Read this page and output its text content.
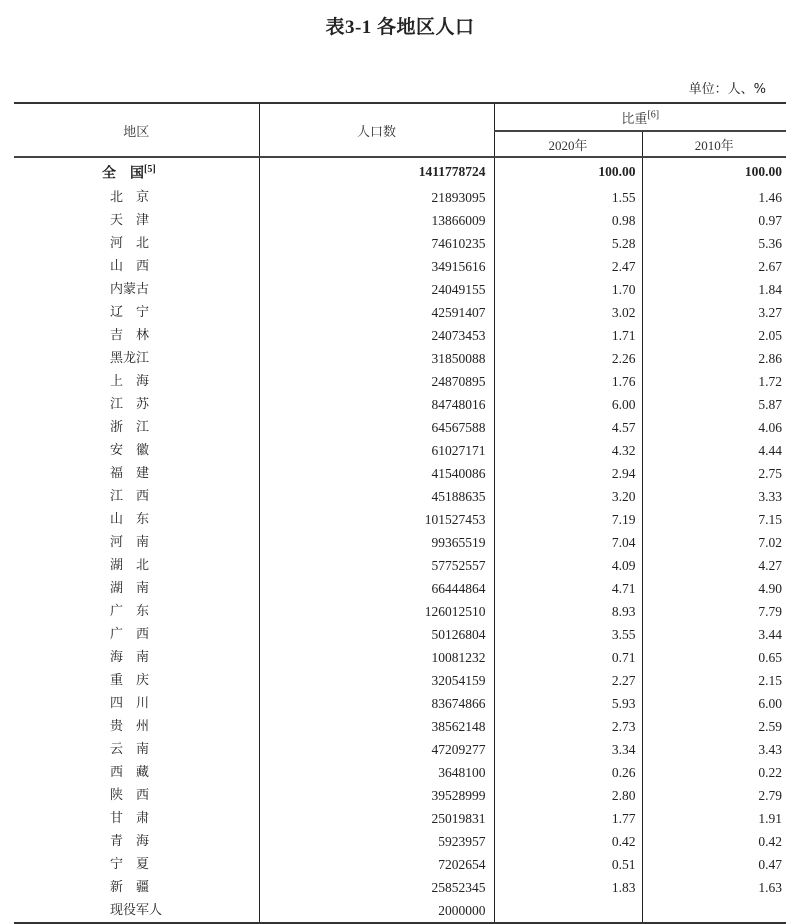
表3-1 各地区人口
单位：人、%
地区	人口数	比重[6]
		2020年	2010年
全　国[5]	1411778724	100.00	100.00
北　京	21893095	1.55	1.46
天　津	13866009	0.98	0.97
河　北	74610235	5.28	5.36
山　西	34915616	2.47	2.67
内蒙古	24049155	1.70	1.84
辽　宁	42591407	3.02	3.27
吉　林	24073453	1.71	2.05
黑龙江	31850088	2.26	2.86
上　海	24870895	1.76	1.72
江　苏	84748016	6.00	5.87
浙　江	64567588	4.57	4.06
安　徽	61027171	4.32	4.44
福　建	41540086	2.94	2.75
江　西	45188635	3.20	3.33
山　东	101527453	7.19	7.15
河　南	99365519	7.04	7.02
湖　北	57752557	4.09	4.27
湖　南	66444864	4.71	4.90
广　东	126012510	8.93	7.79
广　西	50126804	3.55	3.44
海　南	10081232	0.71	0.65
重　庆	32054159	2.27	2.15
四　川	83674866	5.93	6.00
贵　州	38562148	2.73	2.59
云　南	47209277	3.34	3.43
西　藏	3648100	0.26	0.22
陕　西	39528999	2.80	2.79
甘　肃	25019831	1.77	1.91
青　海	5923957	0.42	0.42
宁　夏	7202654	0.51	0.47
新　疆	25852345	1.83	1.63
现役军人	2000000		
